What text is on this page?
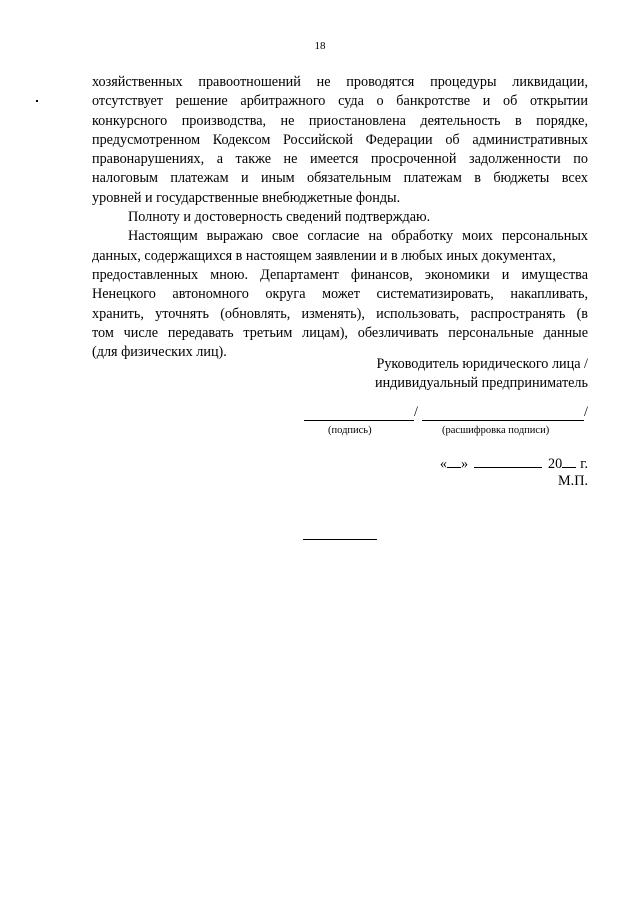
18
хозяйственных правоотношений не проводятся процедуры ликвидации,
отсутствует решение арбитражного суда о банкротстве и об открытии
конкурсного производства, не приостановлена деятельность в порядке,
предусмотренном Кодексом Российской Федерации об административных
правонарушениях, а также не имеется просроченной задолженности по
налоговым платежам и иным обязательным платежам в бюджеты всех
уровней и государственные внебюджетные фонды.
Полноту и достоверность сведений подтверждаю.
Настоящим выражаю свое согласие на обработку моих персональных
данных, содержащихся в настоящем заявлении и в любых иных документах,
предоставленных мною. Департамент финансов, экономики и имущества
Ненецкого автономного округа может систематизировать, накапливать,
хранить, уточнять (обновлять, изменять), использовать, распространять (в
том числе передавать третьим лицам), обезличивать персональные данные
(для физических лиц).
Руководитель юридического лица /
индивидуальный предприниматель
/	/
(подпись)	(расшифровка подписи)
« »	20 г.
М.П.
